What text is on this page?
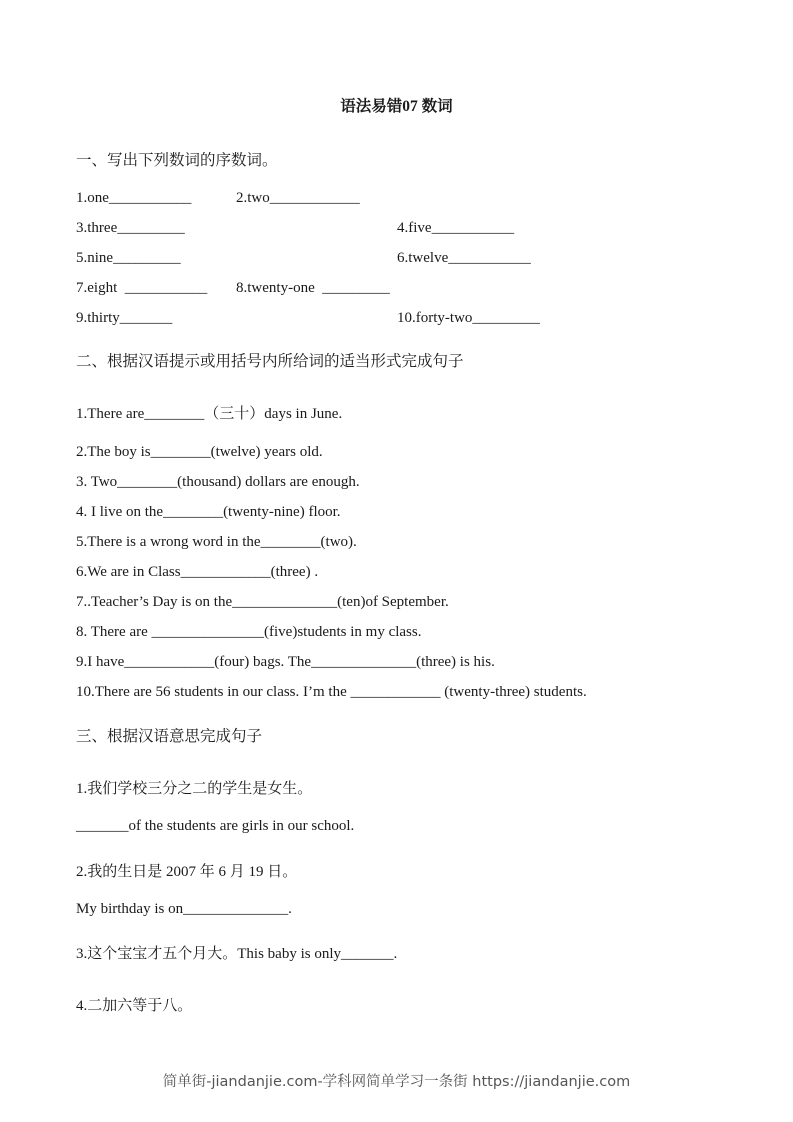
语法易错07 数词
一、写出下列数词的序数词。
1.one___________	2.two____________
3.three_________	4.five___________
5.nine_________	6.twelve___________
7.eight  ___________ 8.twenty-one  _________
9.thirty_______	10.forty-two_________
二、根据汉语提示或用括号内所给词的适当形式完成句子
1.There are________（三十）days in June.
2.The boy is________(twelve) years old.
3. Two________(thousand) dollars are enough.
4. I live on the________(twenty-nine) floor.
5.There is a wrong word in the________(two).
6.We are in Class____________(three) .
7..Teacher’s Day is on the______________(ten)of September.
8. There are _______________(five)students in my class.
9.I have____________(four) bags. The______________(three) is his.
10.There are 56 students in our class. I’m the ____________ (twenty-three) students.
三、根据汉语意思完成句子
1.我们学校三分之二的学生是女生。
_______of the students are girls in our school.
2.我的生日是 2007 年 6 月 19 日。
My birthday is on______________.
3.这个宝宝才五个月大。This baby is only_______.
4.二加六等于八。
简单街-jiandanjie.com-学科网简单学习一条街 https://jiandanjie.com
